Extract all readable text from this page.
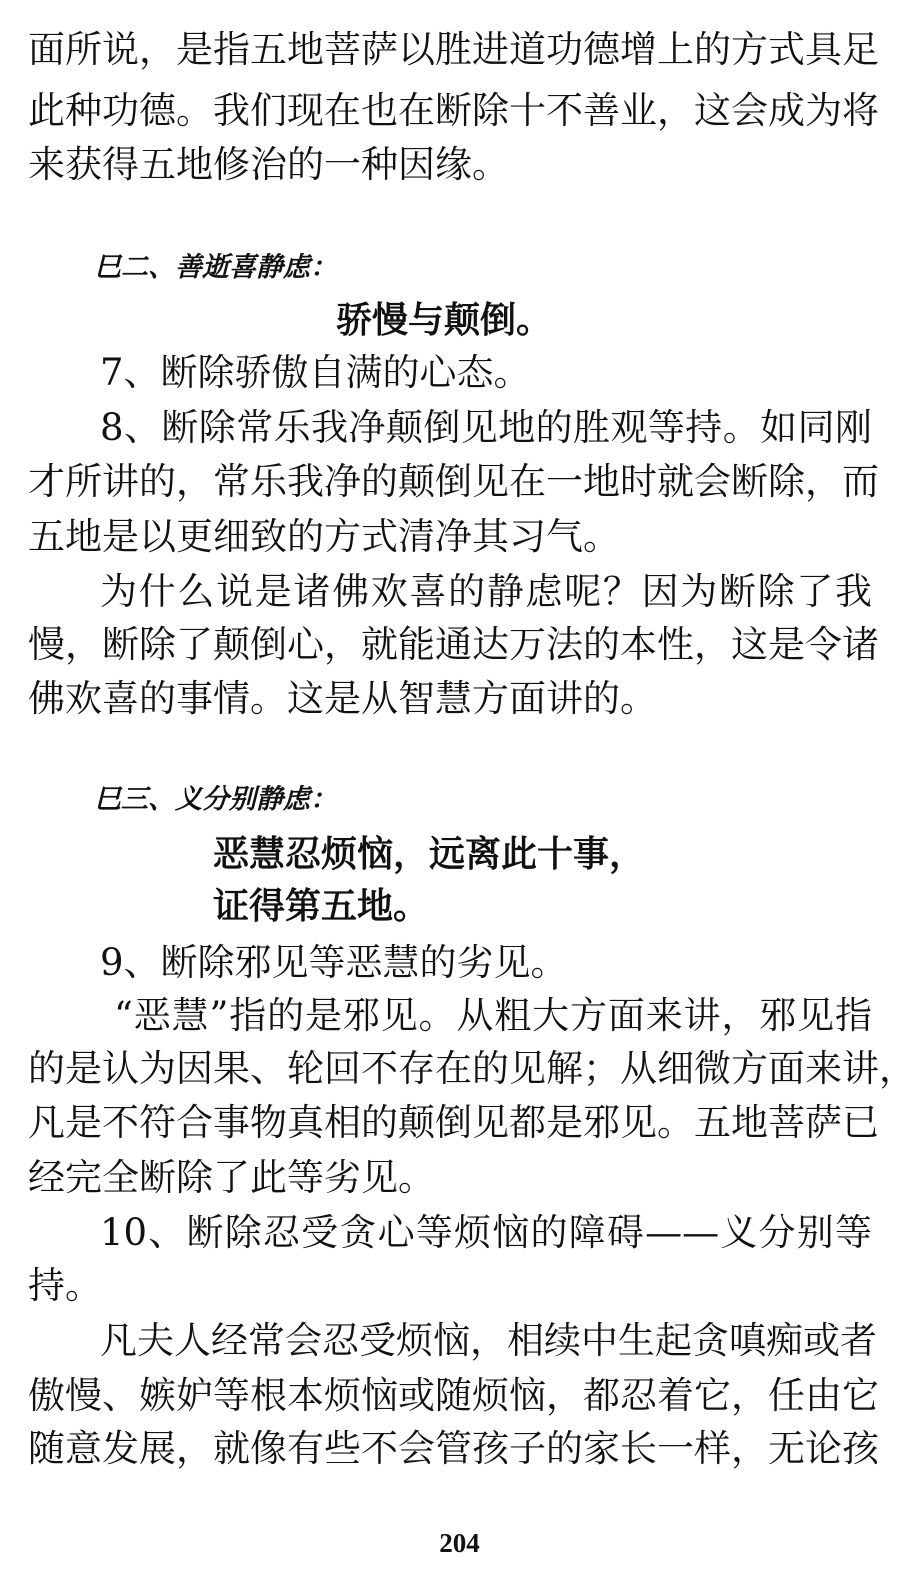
面所说，是指五地菩萨以胜进道功德增上的方式具足
此种功德。我们现在也在断除十不善业，这会成为将
来获得五地修治的一种因缘。
巳二、善逝喜静虑：
骄慢与颠倒。
7、断除骄傲自满的心态。
8、断除常乐我净颠倒见地的胜观等持。如同刚
才所讲的，常乐我净的颠倒见在一地时就会断除，而
五地是以更细致的方式清净其习气。
为什么说是诸佛欢喜的静虑呢？因为断除了我
慢，断除了颠倒心，就能通达万法的本性，这是令诸
佛欢喜的事情。这是从智慧方面讲的。
巳三、义分别静虑：
恶慧忍烦恼，远离此十事，
证得第五地。
9、断除邪见等恶慧的劣见。
“恶慧”指的是邪见。从粗大方面来讲，邪见指
的是认为因果、轮回不存在的见解；从细微方面来讲，
凡是不符合事物真相的颠倒见都是邪见。五地菩萨已
经完全断除了此等劣见。
10、断除忍受贪心等烦恼的障碍——义分别等
持。
凡夫人经常会忍受烦恼，相续中生起贪嗔痴或者
傲慢、嫉妒等根本烦恼或随烦恼，都忍着它，任由它
随意发展，就像有些不会管孩子的家长一样，无论孩
204
